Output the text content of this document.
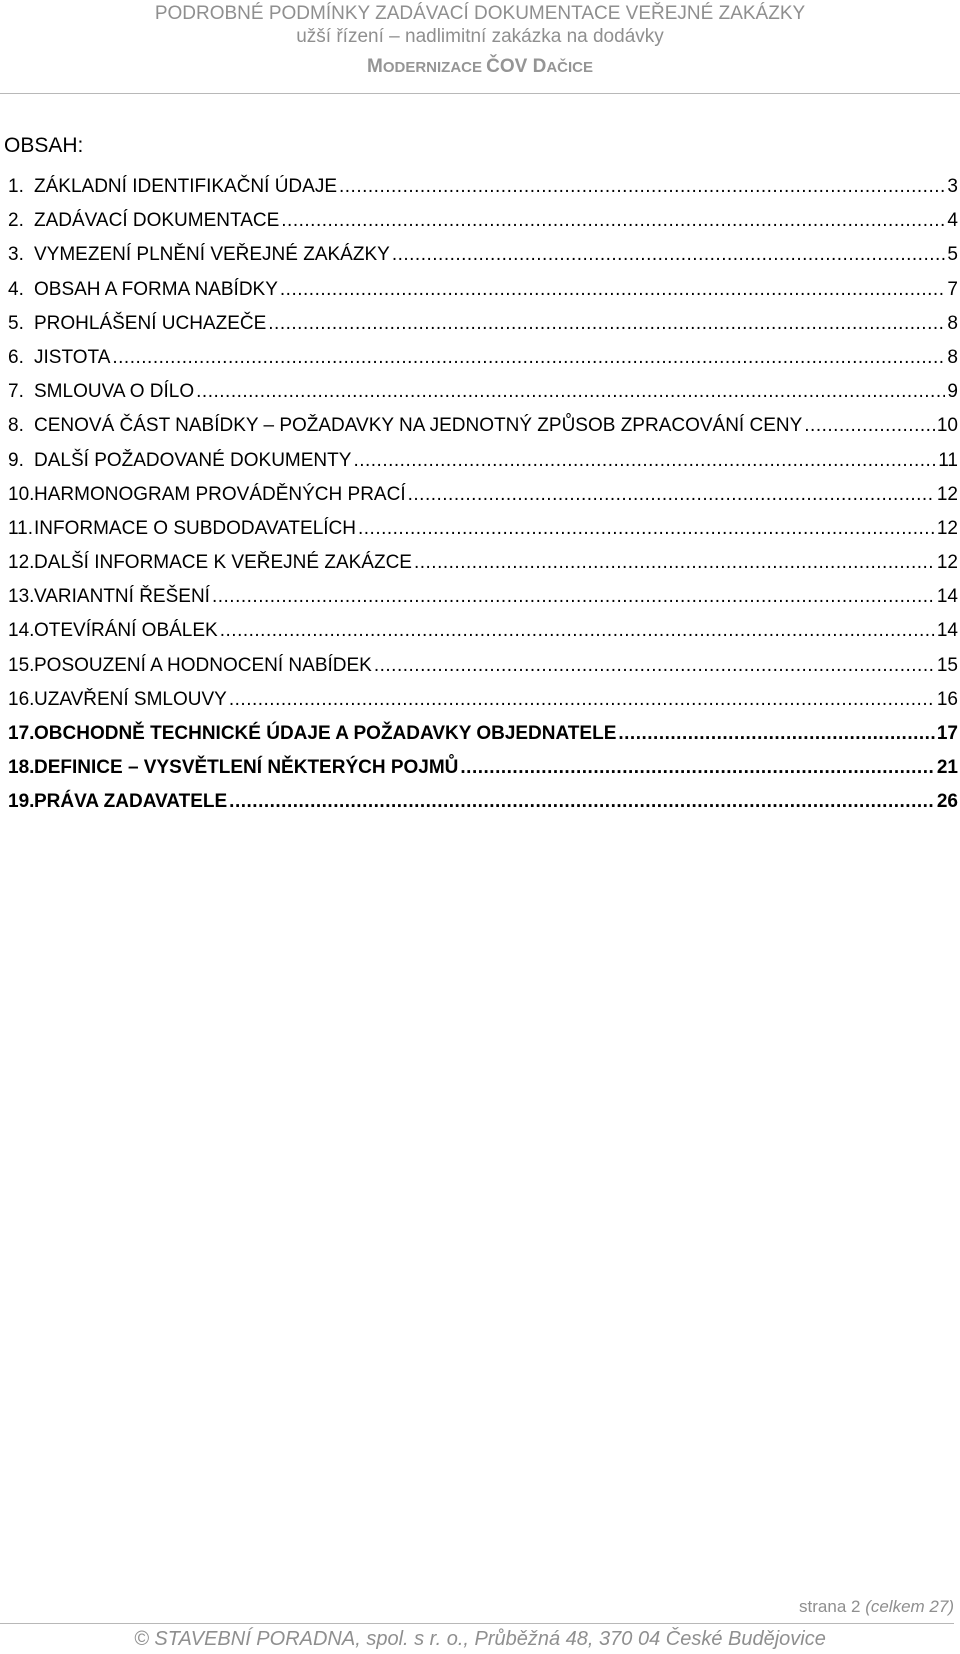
PODROBNÉ PODMÍNKY ZADÁVACÍ DOKUMENTACE VEŘEJNÉ ZAKÁZKY
užší řízení – nadlimitní zakázka na dodávky
MODERNIZACE ČOV DAČICE
OBSAH:
1. ZÁKLADNÍ IDENTIFIKAČNÍ ÚDAJE .....	3
2. ZADÁVACÍ DOKUMENTACE .....	4
3. VYMEZENÍ PLNĚNÍ VEŘEJNÉ ZAKÁZKY .....	5
4. OBSAH A FORMA NABÍDKY .....	7
5. PROHLÁŠENÍ UCHAZEČE .....	8
6. JISTOTA .....	8
7. SMLOUVA O DÍLO .....	9
8. CENOVÁ ČÁST NABÍDKY – POŽADAVKY NA JEDNOTNÝ ZPŮSOB ZPRACOVÁNÍ CENY .....	10
9. DALŠÍ POŽADOVANÉ DOKUMENTY .....	11
10. HARMONOGRAM PROVÁDĚNÝCH PRACÍ .....	12
11. INFORMACE O SUBDODAVATELÍCH .....	12
12. DALŠÍ INFORMACE K VEŘEJNÉ ZAKÁZCE .....	12
13. VARIANTNÍ ŘEŠENÍ .....	14
14. OTEVÍRÁNÍ OBÁLEK .....	14
15. POSOUZENÍ A HODNOCENÍ NABÍDEK .....	15
16. UZAVŘENÍ SMLOUVY .....	16
17. OBCHODNĚ TECHNICKÉ ÚDAJE A POŽADAVKY OBJEDNATELE .....	17
18. DEFINICE – VYSVĚTLENÍ NĚKTERÝCH POJMŮ .....	21
19. PRÁVA ZADAVATELE .....	26
strana 2 (celkem 27)
© STAVEBNÍ PORADNA, spol. s r. o., Průběžná 48, 370 04 České Budějovice
